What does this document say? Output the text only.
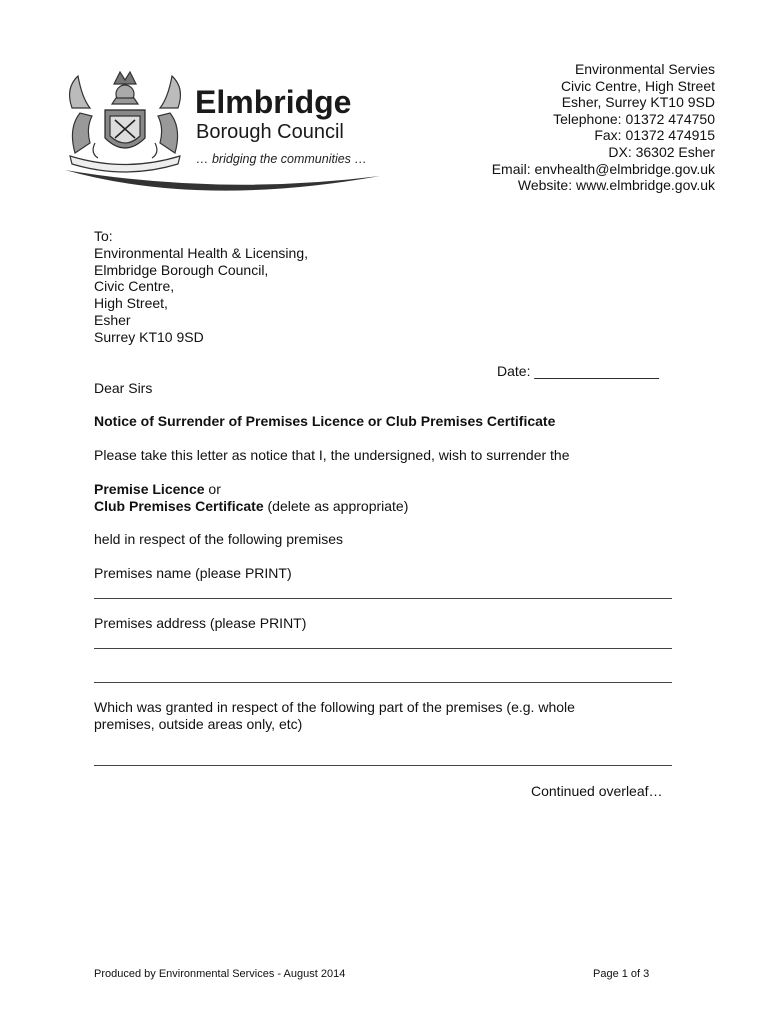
Elmbridge
Borough Council
… bridging the communities …
Environmental Servies
Civic Centre, High Street
Esher, Surrey KT10 9SD
Telephone: 01372 474750
Fax: 01372 474915
DX: 36302 Esher
Email: envhealth@elmbridge.gov.uk
Website: www.elmbridge.gov.uk
To:
Environmental Health & Licensing,
Elmbridge Borough Council,
Civic Centre,
High Street,
Esher
Surrey KT10 9SD
Date: ________________
Dear Sirs
Notice of Surrender of Premises Licence or Club Premises Certificate
Please take this letter as notice that I, the undersigned, wish to surrender the
Premise Licence or
Club Premises Certificate (delete as appropriate)
held in respect of the following premises
Premises name (please PRINT)
Premises address (please PRINT)
Which was granted in respect of the following part of the premises (e.g. whole
premises, outside areas only, etc)
Continued overleaf…
Produced by Environmental Services - August 2014	Page 1 of 3
